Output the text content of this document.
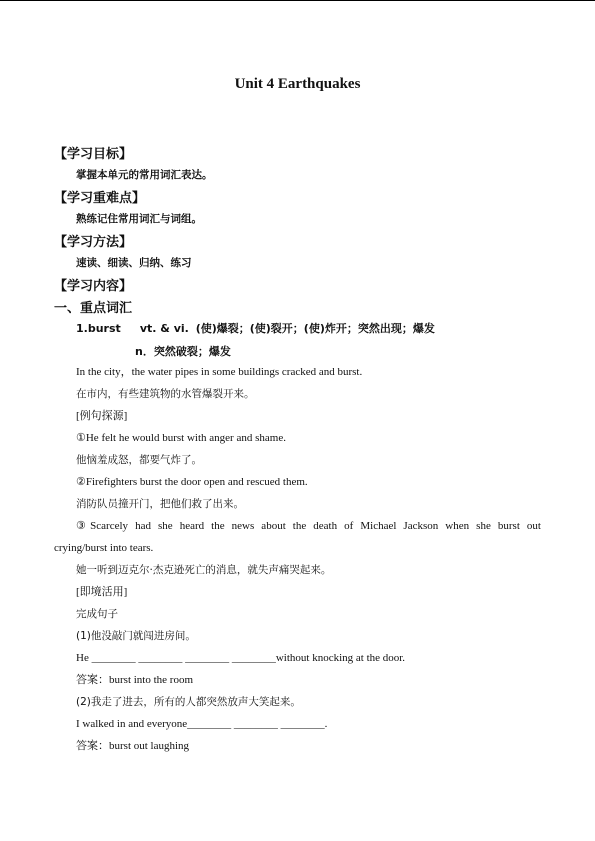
Unit 4 Earthquakes
【学习目标】
掌握本单元的常用词汇表达。
【学习重难点】
熟练记住常用词汇与词组。
【学习方法】
速读、细读、归纳、练习
【学习内容】
一、重点词汇
1.burst vt. & vi. (使)爆裂；(使)裂开；(使)炸开；突然出现；爆发
n．突然破裂；爆发
In the city，the water pipes in some buildings cracked and burst.
在市内，有些建筑物的水管爆裂开来。
[例句探源]
①He felt he would burst with anger and shame.
他恼羞成怒，都要气炸了。
②Firefighters burst the door open and rescued them.
消防队员撞开门，把他们救了出来。
③Scarcely had she heard the news about the death of Michael Jackson when she burst out
crying/burst into tears.
她一听到迈克尔·杰克逊死亡的消息，就失声痛哭起来。
[即境活用]
完成句子
(1)他没敲门就闯进房间。
He ________ ________ ________ ________without knocking at the door.
答案：burst into the room
(2)我走了进去，所有的人都突然放声大笑起来。
I walked in and everyone________ ________ ________.
答案：burst out laughing
